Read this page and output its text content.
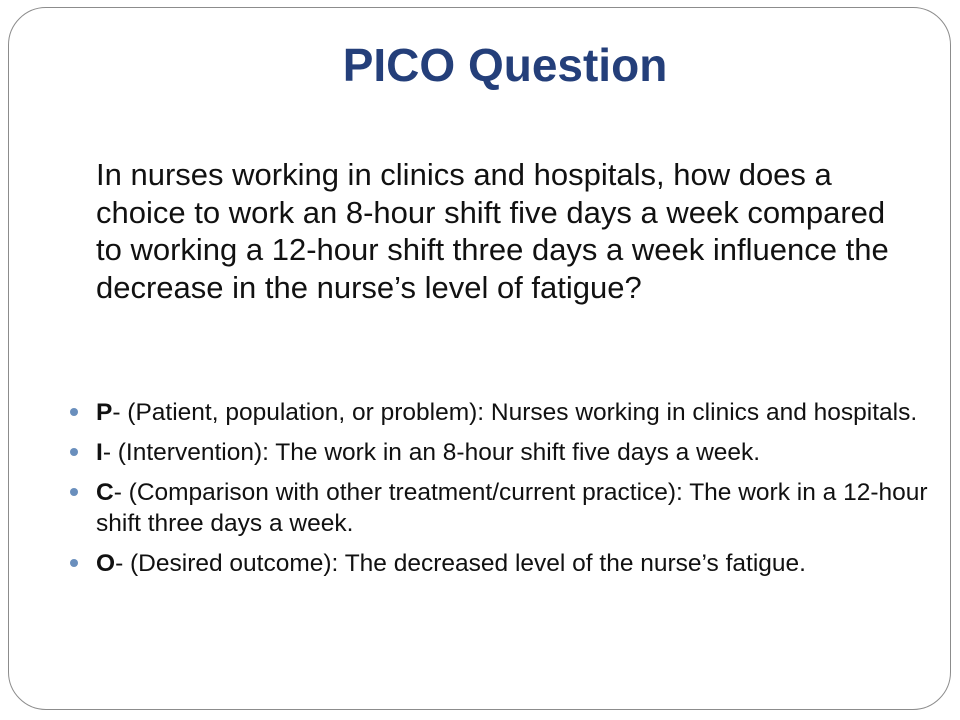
PICO Question
In nurses working in clinics and hospitals, how does a choice to work an 8-hour shift five days a week compared to working a 12-hour shift three days a week influence the decrease in the nurse’s level of fatigue?
P- (Patient, population, or problem): Nurses working in clinics and hospitals.
I- (Intervention): The work in an 8-hour shift five days a week.
C- (Comparison with other treatment/current practice): The work in a 12-hour shift three days a week.
O- (Desired outcome): The decreased level of the nurse’s fatigue.
